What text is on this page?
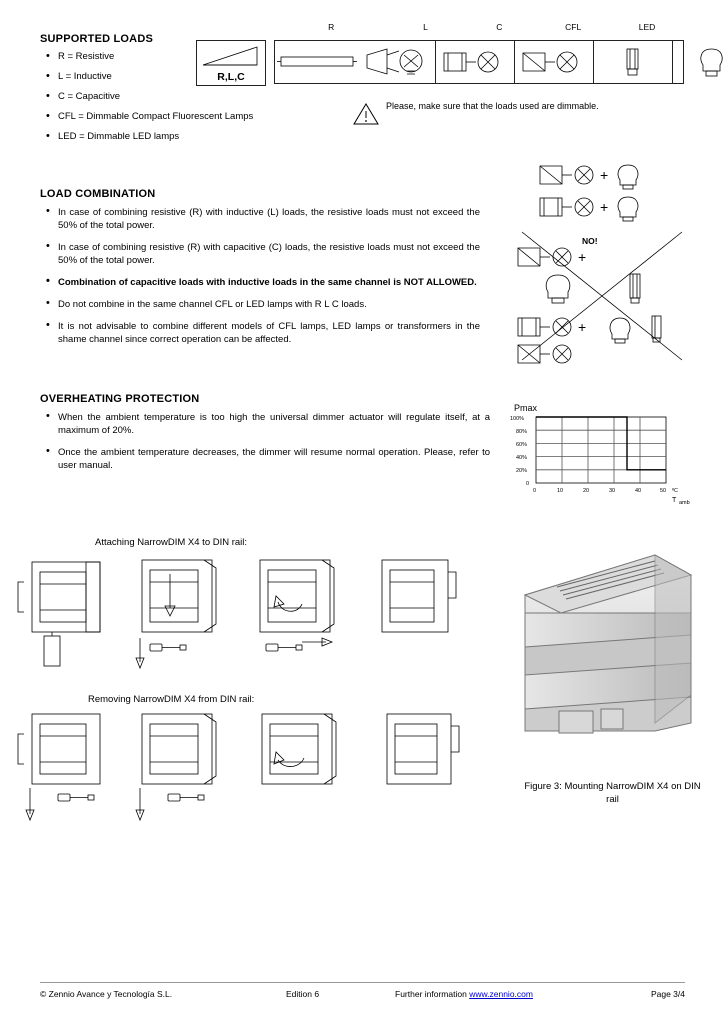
SUPPORTED LOADS
• R = Resistive
• L = Inductive
• C = Capacitive
• CFL = Dimmable Compact Fluorescent Lamps
• LED = Dimmable LED lamps
R,L,C
R	L	C	CFL	LED
Please, make sure that the loads used are dimmable.
LOAD COMBINATION
• In case of combining resistive (R) with inductive (L) loads, the resistive loads must not exceed the 50% of the total power.
• In case of combining resistive (R) with capacitive (C) loads, the resistive loads must not exceed the 50% of the total power.
• Combination of capacitive loads with inductive loads in the same channel is NOT ALLOWED.
• Do not combine in the same channel CFL or LED lamps with R L C loads.
• It is not advisable to combine different models of CFL lamps, LED lamps or transformers in the shame channel since correct operation can be affected.
+
+
NO!
+
+
OVERHEATING PROTECTION
• When the ambient temperature is too high the universal dimmer actuator will regulate itself, at a maximum of 20%.
• Once the ambient temperature decreases, the dimmer will resume normal operation. Please, refer to user manual.
Pmax
100%
80%
60%
40%
20%
0
0	10	20	30	40	50 ºC
T amb
Attaching NarrowDIM X4 to DIN rail:
Removing NarrowDIM X4 from DIN rail:
Figure 3: Mounting NarrowDIM X4 on DIN rail
© Zennio Avance y Tecnología S.L.	Edition 6	Further information www.zennio.com	Page 3/4
